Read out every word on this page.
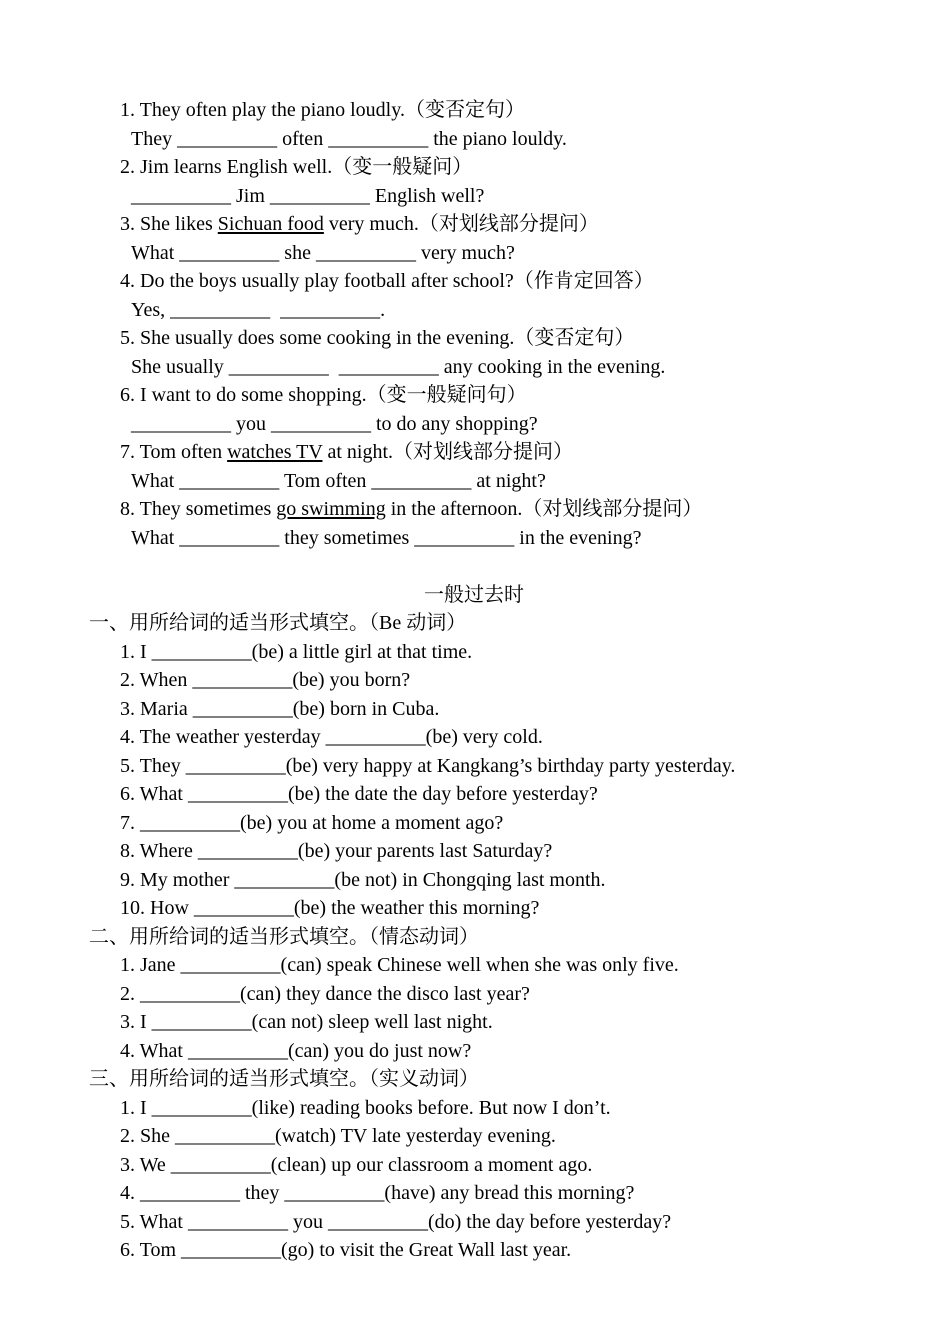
1. They often play the piano loudly.（变否定句）
They __________ often __________ the piano louldy.
2. Jim learns English well.（变一般疑问）
__________ Jim __________ English well?
3. She likes Sichuan food very much.（对划线部分提问）
What __________ she __________ very much?
4. Do the boys usually play football after school?（作肯定回答）
Yes, __________  __________.
5. She usually does some cooking in the evening.（变否定句）
She usually __________  __________ any cooking in the evening.
6. I want to do some shopping.（变一般疑问句）
__________ you __________ to do any shopping?
7. Tom often watches TV at night.（对划线部分提问）
What __________ Tom often __________ at night?
8. They sometimes go swimming in the afternoon.（对划线部分提问）
What __________ they sometimes __________ in the evening?
一般过去时
一、用所给词的适当形式填空。（Be 动词）
1. I __________(be) a little girl at that time.
2. When __________(be) you born?
3. Maria __________(be) born in Cuba.
4. The weather yesterday __________(be) very cold.
5. They __________(be) very happy at Kangkang’s birthday party yesterday.
6. What __________(be) the date the day before yesterday?
7. __________(be) you at home a moment ago?
8. Where __________(be) your parents last Saturday?
9. My mother __________(be not) in Chongqing last month.
10. How __________(be) the weather this morning?
二、用所给词的适当形式填空。（情态动词）
1. Jane __________(can) speak Chinese well when she was only five.
2. __________(can) they dance the disco last year?
3. I __________(can not) sleep well last night.
4. What __________(can) you do just now?
三、用所给词的适当形式填空。（实义动词）
1. I __________(like) reading books before. But now I don’t.
2. She __________(watch) TV late yesterday evening.
3. We __________(clean) up our classroom a moment ago.
4. __________ they __________(have) any bread this morning?
5. What __________ you __________(do) the day before yesterday?
6. Tom __________(go) to visit the Great Wall last year.
